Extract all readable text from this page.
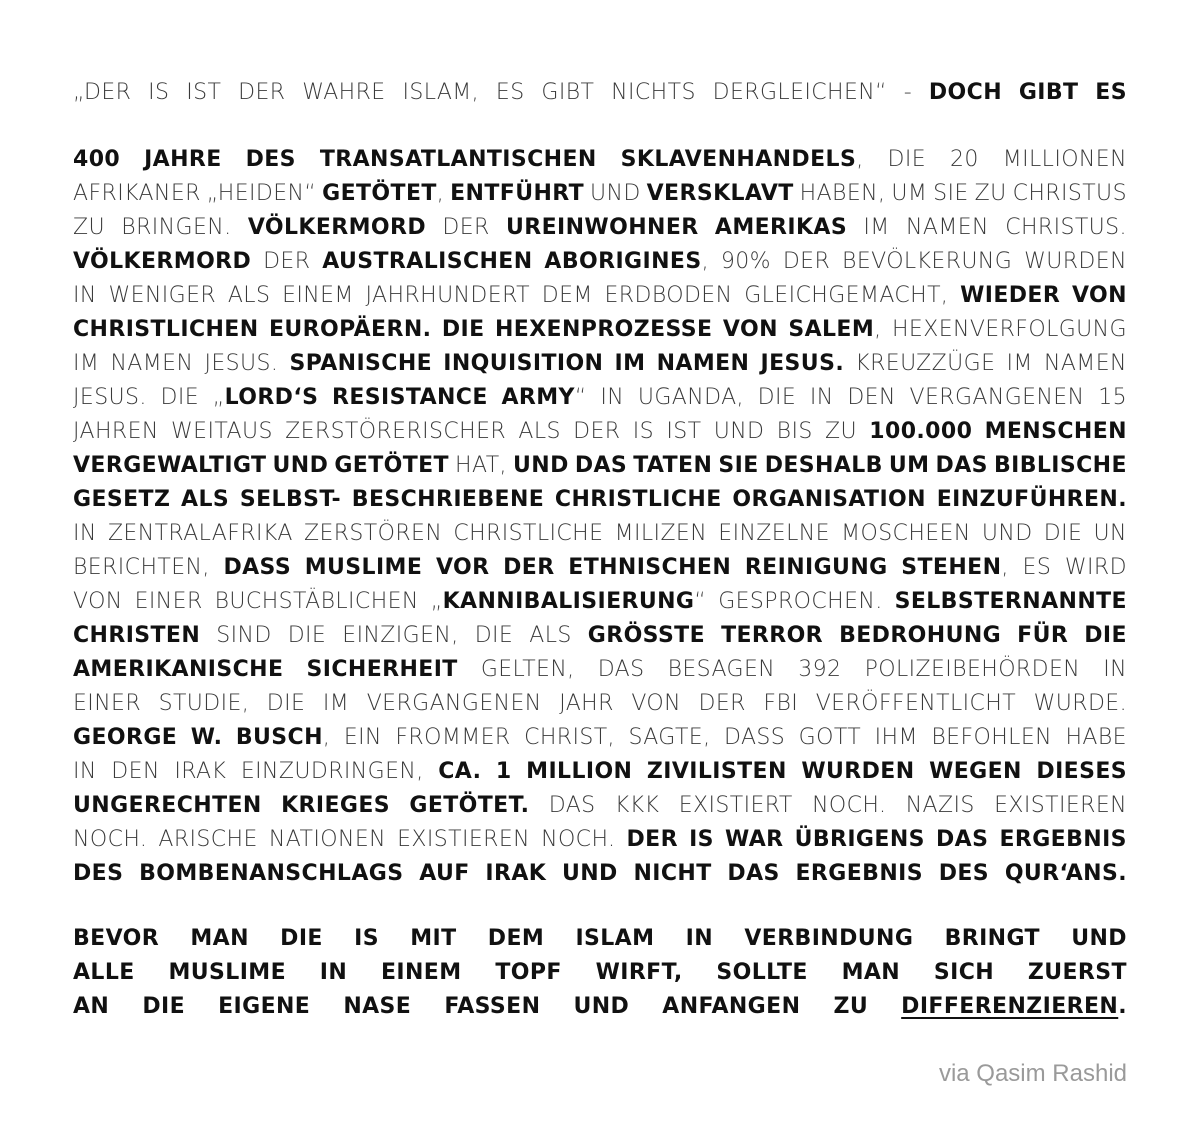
„DER IS IST DER WAHRE ISLAM, ES GIBT NICHTS DERGLEICHEN“ - DOCH GIBT ES
400 JAHRE DES TRANSATLANTISCHEN SKLAVENHANDELS, DIE 20 MILLIONEN
AFRIKANER „HEIDEN“ GETÖTET, ENTFÜHRT UND VERSKLAVT HABEN, UM SIE ZU CHRISTUS
ZU BRINGEN. VÖLKERMORD DER UREINWOHNER AMERIKAS IM NAMEN CHRISTUS.
VÖLKERMORD DER AUSTRALISCHEN ABORIGINES, 90% DER BEVÖLKERUNG WURDEN
IN WENIGER ALS EINEM JAHRHUNDERT DEM ERDBODEN GLEICHGEMACHT, WIEDER VON
CHRISTLICHEN EUROPÄERN. DIE HEXENPROZESSE VON SALEM, HEXENVERFOLGUNG
IM NAMEN JESUS. SPANISCHE INQUISITION IM NAMEN JESUS. KREUZZÜGE IM NAMEN
JESUS. DIE „LORD‘S RESISTANCE ARMY“ IN UGANDA, DIE IN DEN VERGANGENEN 15
JAHREN WEITAUS ZERSTÖRERISCHER ALS DER IS IST UND BIS ZU 100.000 MENSCHEN
VERGEWALTIGT UND GETÖTET HAT, UND DAS TATEN SIE DESHALB UM DAS BIBLISCHE
GESETZ ALS SELBST- BESCHRIEBENE CHRISTLICHE ORGANISATION EINZUFÜHREN.
IN ZENTRALAFRIKA ZERSTÖREN CHRISTLICHE MILIZEN EINZELNE MOSCHEEN UND DIE UN
BERICHTEN, DASS MUSLIME VOR DER ETHNISCHEN REINIGUNG STEHEN, ES WIRD
VON EINER BUCHSTÄBLICHEN „KANNIBALISIERUNG“ GESPROCHEN. SELBSTERNANNTE
CHRISTEN SIND DIE EINZIGEN, DIE ALS GRÖSSTE TERROR BEDROHUNG FÜR DIE
AMERIKANISCHE SICHERHEIT GELTEN, DAS BESAGEN 392 POLIZEIBEHÖRDEN IN
EINER STUDIE, DIE IM VERGANGENEN JAHR VON DER FBI VERÖFFENTLICHT WURDE.
GEORGE W. BUSCH, EIN FROMMER CHRIST, SAGTE, DASS GOTT IHM BEFOHLEN HABE
IN DEN IRAK EINZUDRINGEN, CA. 1 MILLION ZIVILISTEN WURDEN WEGEN DIESES
UNGERECHTEN KRIEGES GETÖTET. DAS KKK EXISTIERT NOCH. NAZIS EXISTIEREN
NOCH. ARISCHE NATIONEN EXISTIEREN NOCH. DER IS WAR ÜBRIGENS DAS ERGEBNIS
DES BOMBENANSCHLAGS AUF IRAK UND NICHT DAS ERGEBNIS DES QUR‘ANS.
BEVOR MAN DIE IS MIT DEM ISLAM IN VERBINDUNG BRINGT UND
ALLE MUSLIME IN EINEM TOPF WIRFT, SOLLTE MAN SICH ZUERST
AN DIE EIGENE NASE FASSEN UND ANFANGEN ZU DIFFERENZIEREN.
via Qasim Rashid
